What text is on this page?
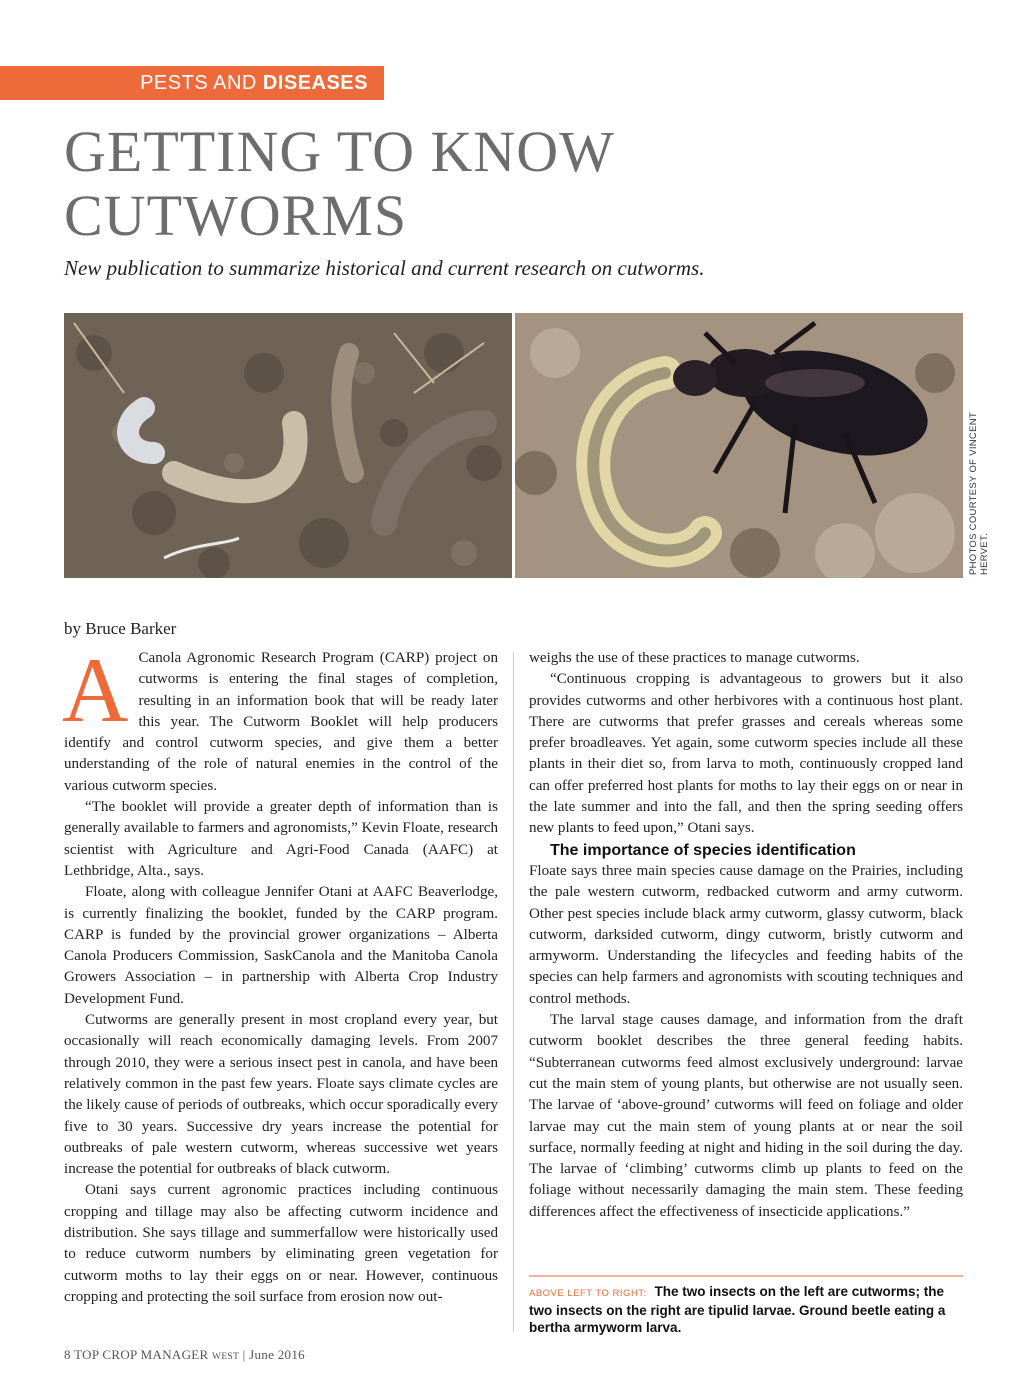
PESTS AND DISEASES
GETTING TO KNOW CUTWORMS

New publication to summarize historical and current research on cutworms.

PHOTOS COURTESY OF VINCENT HERVET.
by Bruce Barker
A Canola Agronomic Research Program (CARP) project on cutworms is entering the final stages of completion, resulting in an information book that will be ready later this year. The Cutworm Booklet will help producers identify and control cutworm species, and give them a better understanding of the role of natural enemies in the control of the various cutworm species.

“The booklet will provide a greater depth of information than is generally available to farmers and agronomists,” Kevin Floate, research scientist with Agriculture and Agri-Food Canada (AAFC) at Lethbridge, Alta., says.

Floate, along with colleague Jennifer Otani at AAFC Beaverlodge, is currently finalizing the booklet, funded by the CARP program. CARP is funded by the provincial grower organizations – Alberta Canola Producers Commission, SaskCanola and the Manitoba Canola Growers Association – in partnership with Alberta Crop Industry Development Fund.

Cutworms are generally present in most cropland every year, but occasionally will reach economically damaging levels. From 2007 through 2010, they were a serious insect pest in canola, and have been relatively common in the past few years. Floate says climate cycles are the likely cause of periods of outbreaks, which occur sporadically every five to 30 years. Successive dry years increase the potential for outbreaks of pale western cutworm, whereas successive wet years increase the potential for outbreaks of black cutworm.

Otani says current agronomic practices including continuous cropping and tillage may also be affecting cutworm incidence and distribution. She says tillage and summerfallow were historically used to reduce cutworm numbers by eliminating green vegetation for cutworm moths to lay their eggs on or near. However, continuous cropping and protecting the soil surface from erosion now out-

weighs the use of these practices to manage cutworms.

“Continuous cropping is advantageous to growers but it also provides cutworms and other herbivores with a continuous host plant. There are cutworms that prefer grasses and cereals whereas some prefer broadleaves. Yet again, some cutworm species include all these plants in their diet so, from larva to moth, continuously cropped land can offer preferred host plants for moths to lay their eggs on or near in the late summer and into the fall, and then the spring seeding offers new plants to feed upon,” Otani says.

The importance of species identification

Floate says three main species cause damage on the Prairies, including the pale western cutworm, redbacked cutworm and army cutworm. Other pest species include black army cutworm, glassy cutworm, black cutworm, darksided cutworm, dingy cutworm, bristly cutworm and armyworm. Understanding the lifecycles and feeding habits of the species can help farmers and agronomists with scouting techniques and control methods.

The larval stage causes damage, and information from the draft cutworm booklet describes the three general feeding habits. “Subterranean cutworms feed almost exclusively underground: larvae cut the main stem of young plants, but otherwise are not usually seen. The larvae of ‘above-ground’ cutworms will feed on foliage and older larvae may cut the main stem of young plants at or near the soil surface, normally feeding at night and hiding in the soil during the day. The larvae of ‘climbing’ cutworms climb up plants to feed on the foliage without necessarily damaging the main stem. These feeding differences affect the effectiveness of insecticide applications.”

ABOVE LEFT TO RIGHT: The two insects on the left are cutworms; the two insects on the right are tipulid larvae. Ground beetle eating a bertha armyworm larva.
8 TOP CROP MANAGER WEST | June 2016
